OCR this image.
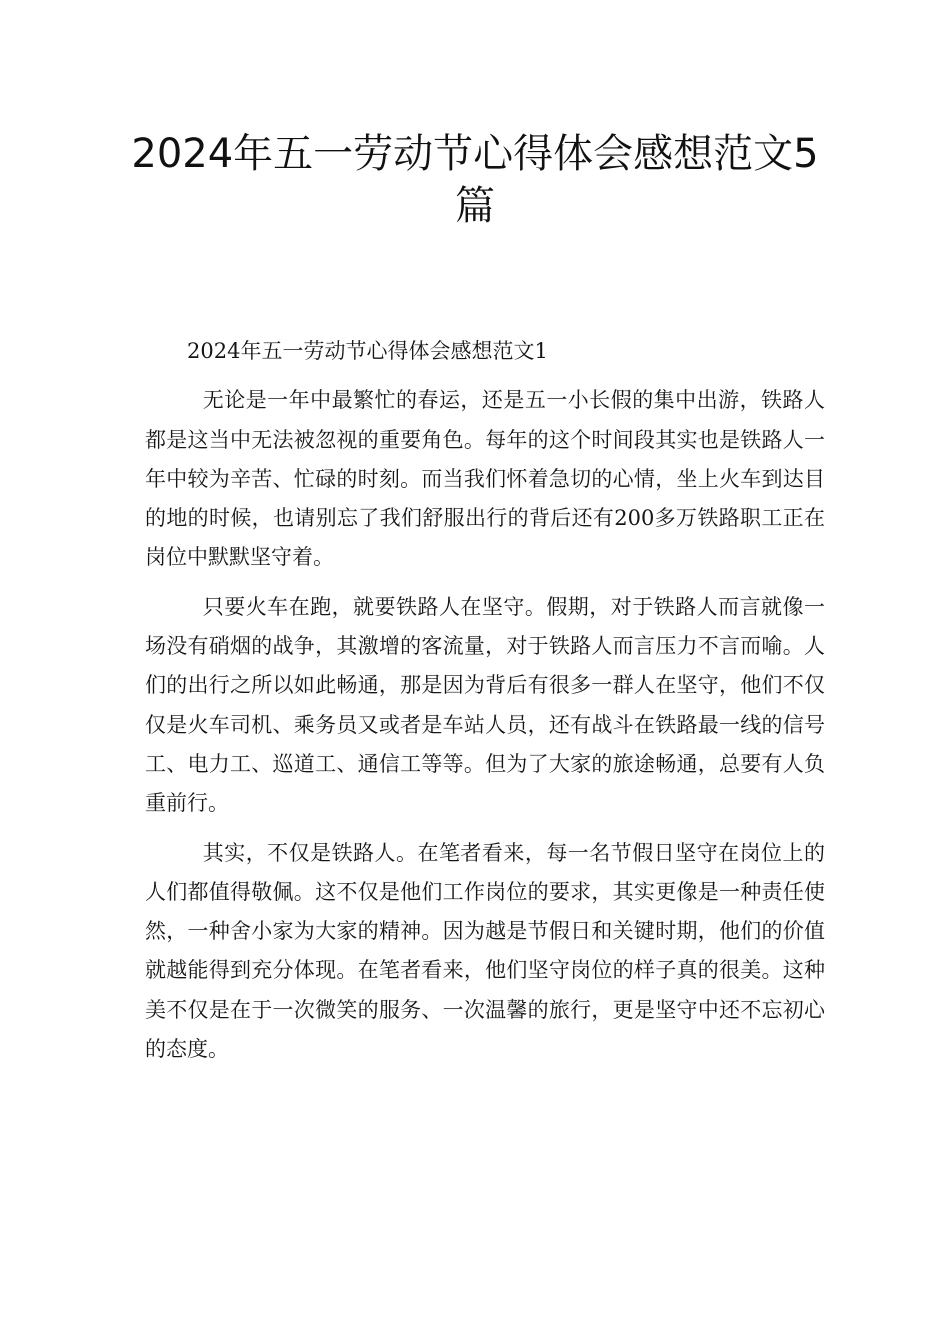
2024年五一劳动节心得体会感想范文5
篇

2024年五一劳动节心得体会感想范文1

无论是一年中最繁忙的春运，还是五一小长假的集中出游，铁路人都是这当中无法被忽视的重要角色。每年的这个时间段其实也是铁路人一年中较为辛苦、忙碌的时刻。而当我们怀着急切的心情，坐上火车到达目的地的时候，也请别忘了我们舒服出行的背后还有200多万铁路职工正在岗位中默默坚守着。

只要火车在跑，就要铁路人在坚守。假期，对于铁路人而言就像一场没有硝烟的战争，其激增的客流量，对于铁路人而言压力不言而喻。人们的出行之所以如此畅通，那是因为背后有很多一群人在坚守，他们不仅仅是火车司机、乘务员又或者是车站人员，还有战斗在铁路最一线的信号工、电力工、巡道工、通信工等等。但为了大家的旅途畅通，总要有人负重前行。

其实，不仅是铁路人。在笔者看来，每一名节假日坚守在岗位上的人们都值得敬佩。这不仅是他们工作岗位的要求，其实更像是一种责任使然，一种舍小家为大家的精神。因为越是节假日和关键时期，他们的价值就越能得到充分体现。在笔者看来，他们坚守岗位的样子真的很美。这种美不仅是在于一次微笑的服务、一次温馨的旅行，更是坚守中还不忘初心的态度。
